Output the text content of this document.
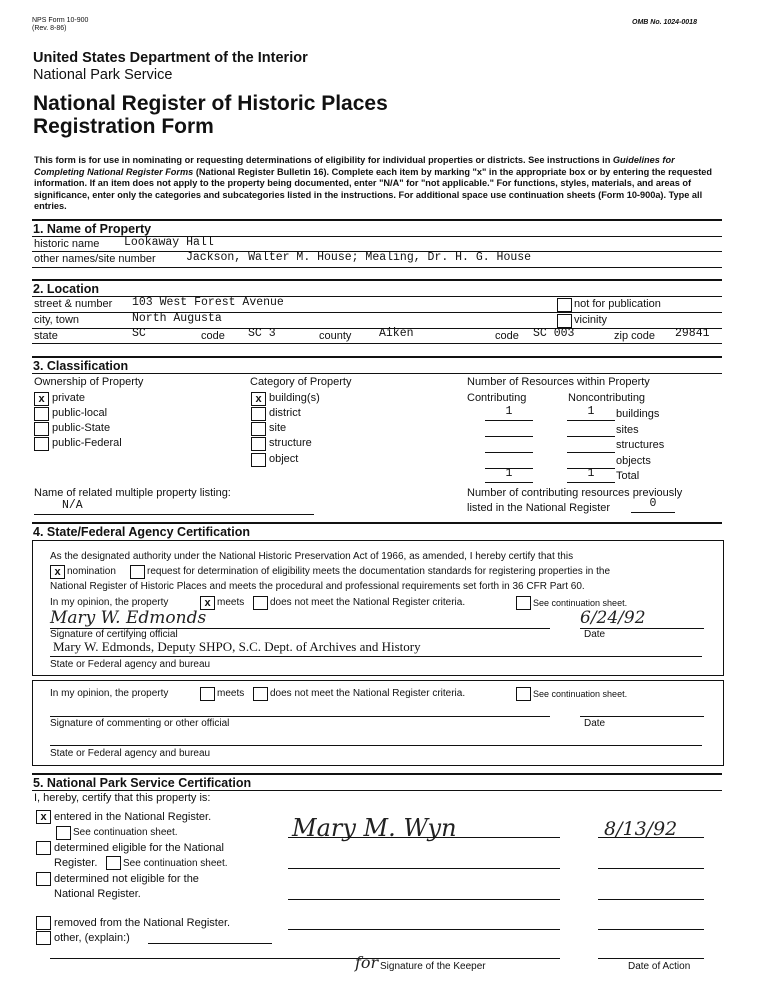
NPS Form 10-900
(Rev. 8-86)
OMB No. 1024-0018
United States Department of the Interior
National Park Service
National Register of Historic Places
Registration Form
This form is for use in nominating or requesting determinations of eligibility for individual properties or districts. See instructions in Guidelines for Completing National Register Forms (National Register Bulletin 16). Complete each item by marking "x" in the appropriate box or by entering the requested information. If an item does not apply to the property being documented, enter "N/A" for "not applicable." For functions, styles, materials, and areas of significance, enter only the categories and subcategories listed in the instructions. For additional space use continuation sheets (Form 10-900a). Type all entries.
1. Name of Property
historic name Lookaway Hall
other names/site number	Jackson, Walter M. House; Mealing, Dr. H. G. House
2. Location
street & number 103 West Forest Avenue	not for publication
city, town	North Augusta	vicinity
state	SC	code SC 3	county Aiken	code SC 003	zip code 29841
3. Classification
Ownership of Property	Category of Property	Number of Resources within Property
x private
public-local
public-State
public-Federal
x building(s)
district
site
structure
object
Contributing	Noncontributing
1	1	buildings
sites
structures
objects
1	1	Total
Name of related multiple property listing:
N/A
Number of contributing resources previously
listed in the National Register	0
4. State/Federal Agency Certification
As the designated authority under the National Historic Preservation Act of 1966, as amended, I hereby certify that this
x nomination	request for determination of eligibility meets the documentation standards for registering properties in the
National Register of Historic Places and meets the procedural and professional requirements set forth in 36 CFR Part 60.
In my opinion, the property	x meets	does not meet the National Register criteria.	See continuation sheet.
Mary W. Edmonds	6/24/92
Signature of certifying official	Date
Mary W. Edmonds, Deputy SHPO, S.C. Dept. of Archives and History
State or Federal agency and bureau
In my opinion, the property	meets	does not meet the National Register criteria.	See continuation sheet.
Signature of commenting or other official	Date
State or Federal agency and bureau
5. National Park Service Certification
I, hereby, certify that this property is:
x entered in the National Register.
See continuation sheet.
determined eligible for the National
Register.	See continuation sheet.
determined not eligible for the
National Register.
removed from the National Register.
other, (explain:)
Mary M. Wyn	8/13/92
for Signature of the Keeper	Date of Action
